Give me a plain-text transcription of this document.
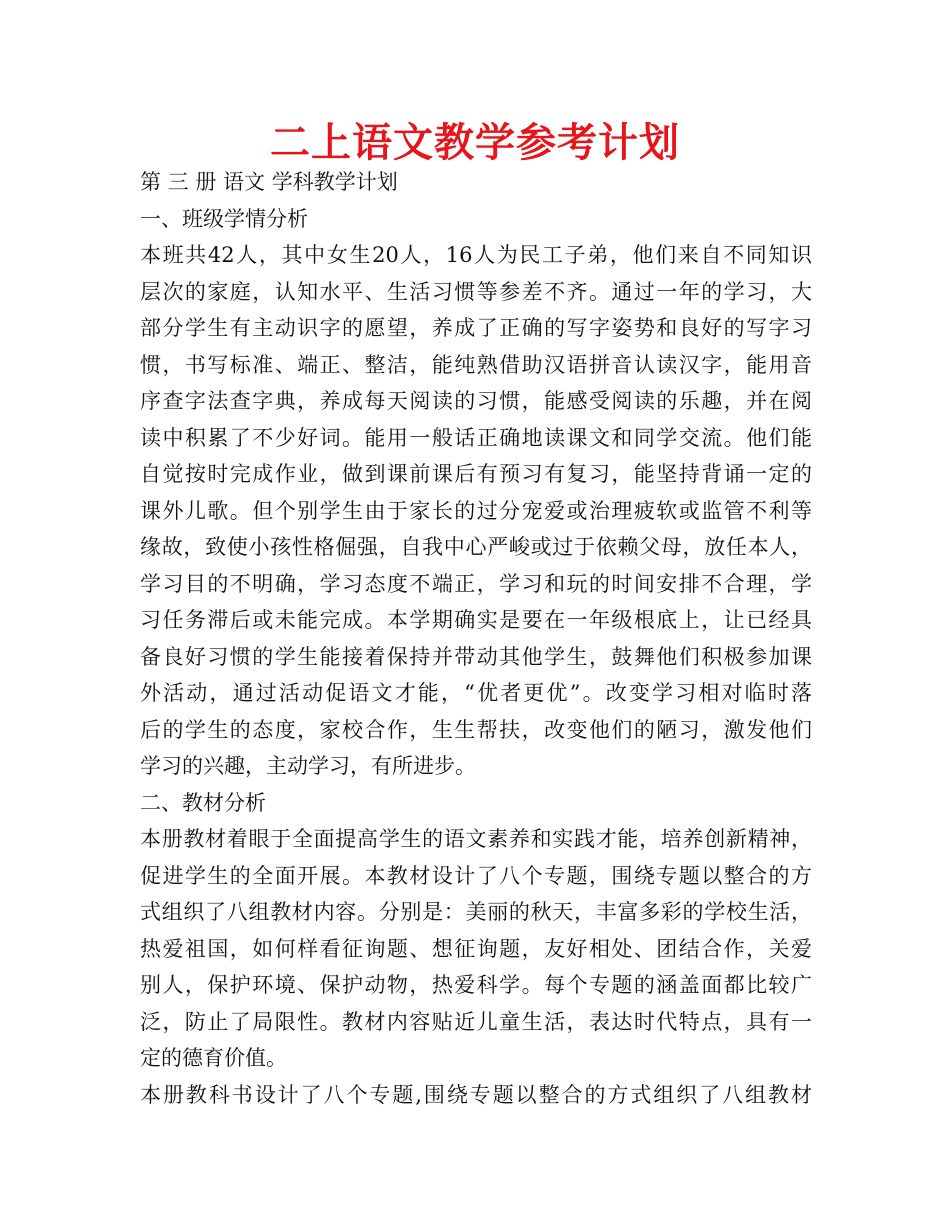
二上语文教学参考计划
第 三 册 语文 学科教学计划
一、班级学情分析
本班共42人，其中女生20人，16人为民工子弟，他们来自不同知识
层次的家庭，认知水平、生活习惯等参差不齐。通过一年的学习，大
部分学生有主动识字的愿望，养成了正确的写字姿势和良好的写字习
惯，书写标准、端正、整洁，能纯熟借助汉语拼音认读汉字，能用音
序查字法查字典，养成每天阅读的习惯，能感受阅读的乐趣，并在阅
读中积累了不少好词。能用一般话正确地读课文和同学交流。他们能
自觉按时完成作业，做到课前课后有预习有复习，能坚持背诵一定的
课外儿歌。但个别学生由于家长的过分宠爱或治理疲软或监管不利等
缘故，致使小孩性格倔强，自我中心严峻或过于依赖父母，放任本人，
学习目的不明确，学习态度不端正，学习和玩的时间安排不合理，学
习任务滞后或未能完成。本学期确实是要在一年级根底上，让已经具
备良好习惯的学生能接着保持并带动其他学生，鼓舞他们积极参加课
外活动，通过活动促语文才能，“优者更优”。改变学习相对临时落
后的学生的态度，家校合作，生生帮扶，改变他们的陋习，激发他们
学习的兴趣，主动学习，有所进步。
二、教材分析
本册教材着眼于全面提高学生的语文素养和实践才能，培养创新精神，
促进学生的全面开展。本教材设计了八个专题，围绕专题以整合的方
式组织了八组教材内容。分别是：美丽的秋天，丰富多彩的学校生活，
热爱祖国，如何样看征询题、想征询题，友好相处、团结合作，关爱
别人，保护环境、保护动物，热爱科学。每个专题的涵盖面都比较广
泛，防止了局限性。教材内容贴近儿童生活，表达时代特点，具有一
定的德育价值。
本册教科书设计了八个专题,围绕专题以整合的方式组织了八组教材
